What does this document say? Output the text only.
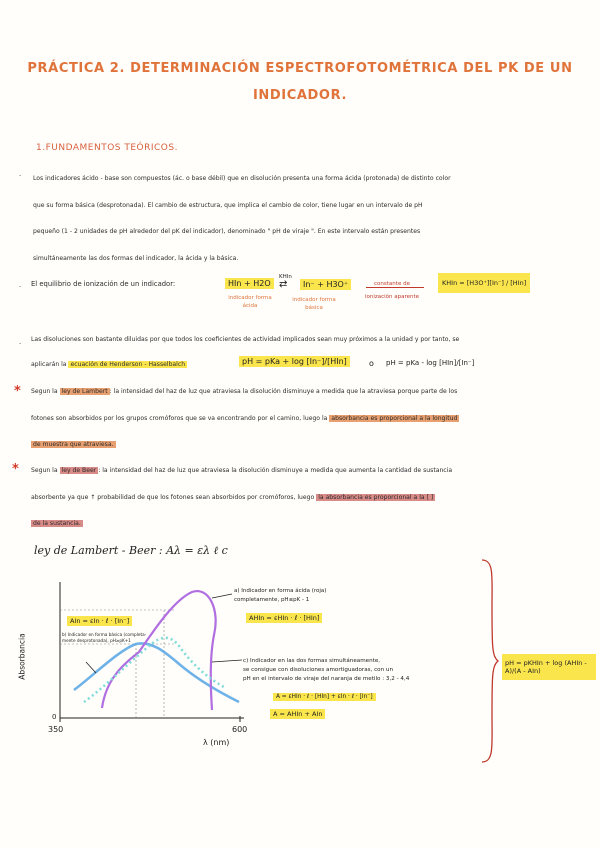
PRÁCTICA 2. DETERMINACIÓN ESPECTROFOTOMÉTRICA DEL PK DE UN
INDICADOR.
1.FUNDAMENTOS TEÓRICOS.
· Los indicadores ácido - base son compuestos (ác. o base débil) que en disolución presenta una forma ácida (protonada) de distinto color
que su forma básica (desprotonada). El cambio de estructura, que implica el cambio de color, tiene lugar en un intervalo de pH
pequeño (1 - 2 unidades de pH alrededor del pK del indicador), denominado " pH de viraje ". En este intervalo están presentes
simultáneamente las dos formas del indicador, la ácida y la básica.
· El equilibrio de ionización de un indicador:	HIn + H2O
KHIn
⇄	In⁻ + H3O⁺
indicador forma ácida
indicador forma básica
constante de ionización aparente
KHIn = [H3O⁺][In⁻] / [HIn]
·
Las disoluciones son bastante diluidas por que todos los coeficientes de actividad implicados sean muy próximos a la unidad y por tanto, se
aplicarán la ecuación de Henderson - Hasselbalch	pH = pKa + log [In⁻]/[HIn]	o pH = pKa - log [HIn]/[In⁻]
* Segun la ley de Lambert : la intensidad del haz de luz que atraviesa la disolución disminuye a medida que la atraviesa porque parte de los
fotones son absorbidos por los grupos cromóforos que se va encontrando por el camino, luego la absorbancia es proporcional a la longitud
de muestra que atraviesa.
* Segun la ley de Beer : la intensidad del haz de luz que atraviesa la disolución disminuye a medida que aumenta la cantidad de sustancia
absorbente ya que ↑ probabilidad de que los fotones sean absorbidos por cromóforos, luego la absorbancia es proporcional a la [ ]
de la sustancia.
ley de Lambert - Beer : Aλ = ελ ℓ c
Absorbancia
0
350	600
λ (nm)
AIn = εIn · ℓ · [In⁻]
b) Indicador en forma básica (completa- mente desprotonada), pH≥pK+1
a) Indicador en forma ácida (roja) completamente, pH≤pK - 1
AHIn = εHIn · ℓ · [HIn]
c) Indicador en las dos formas simultáneamente,
se consigue con disoluciones amortiguadoras, con un
pH en el intervalo de viraje del naranja de metilo : 3,2 - 4,4
A = εHIn · ℓ · [HIn] + εIn · ℓ · [In⁻]
A = AHIn + AIn
pH = pKHIn + log (AHIn - A)/(A - AIn)
